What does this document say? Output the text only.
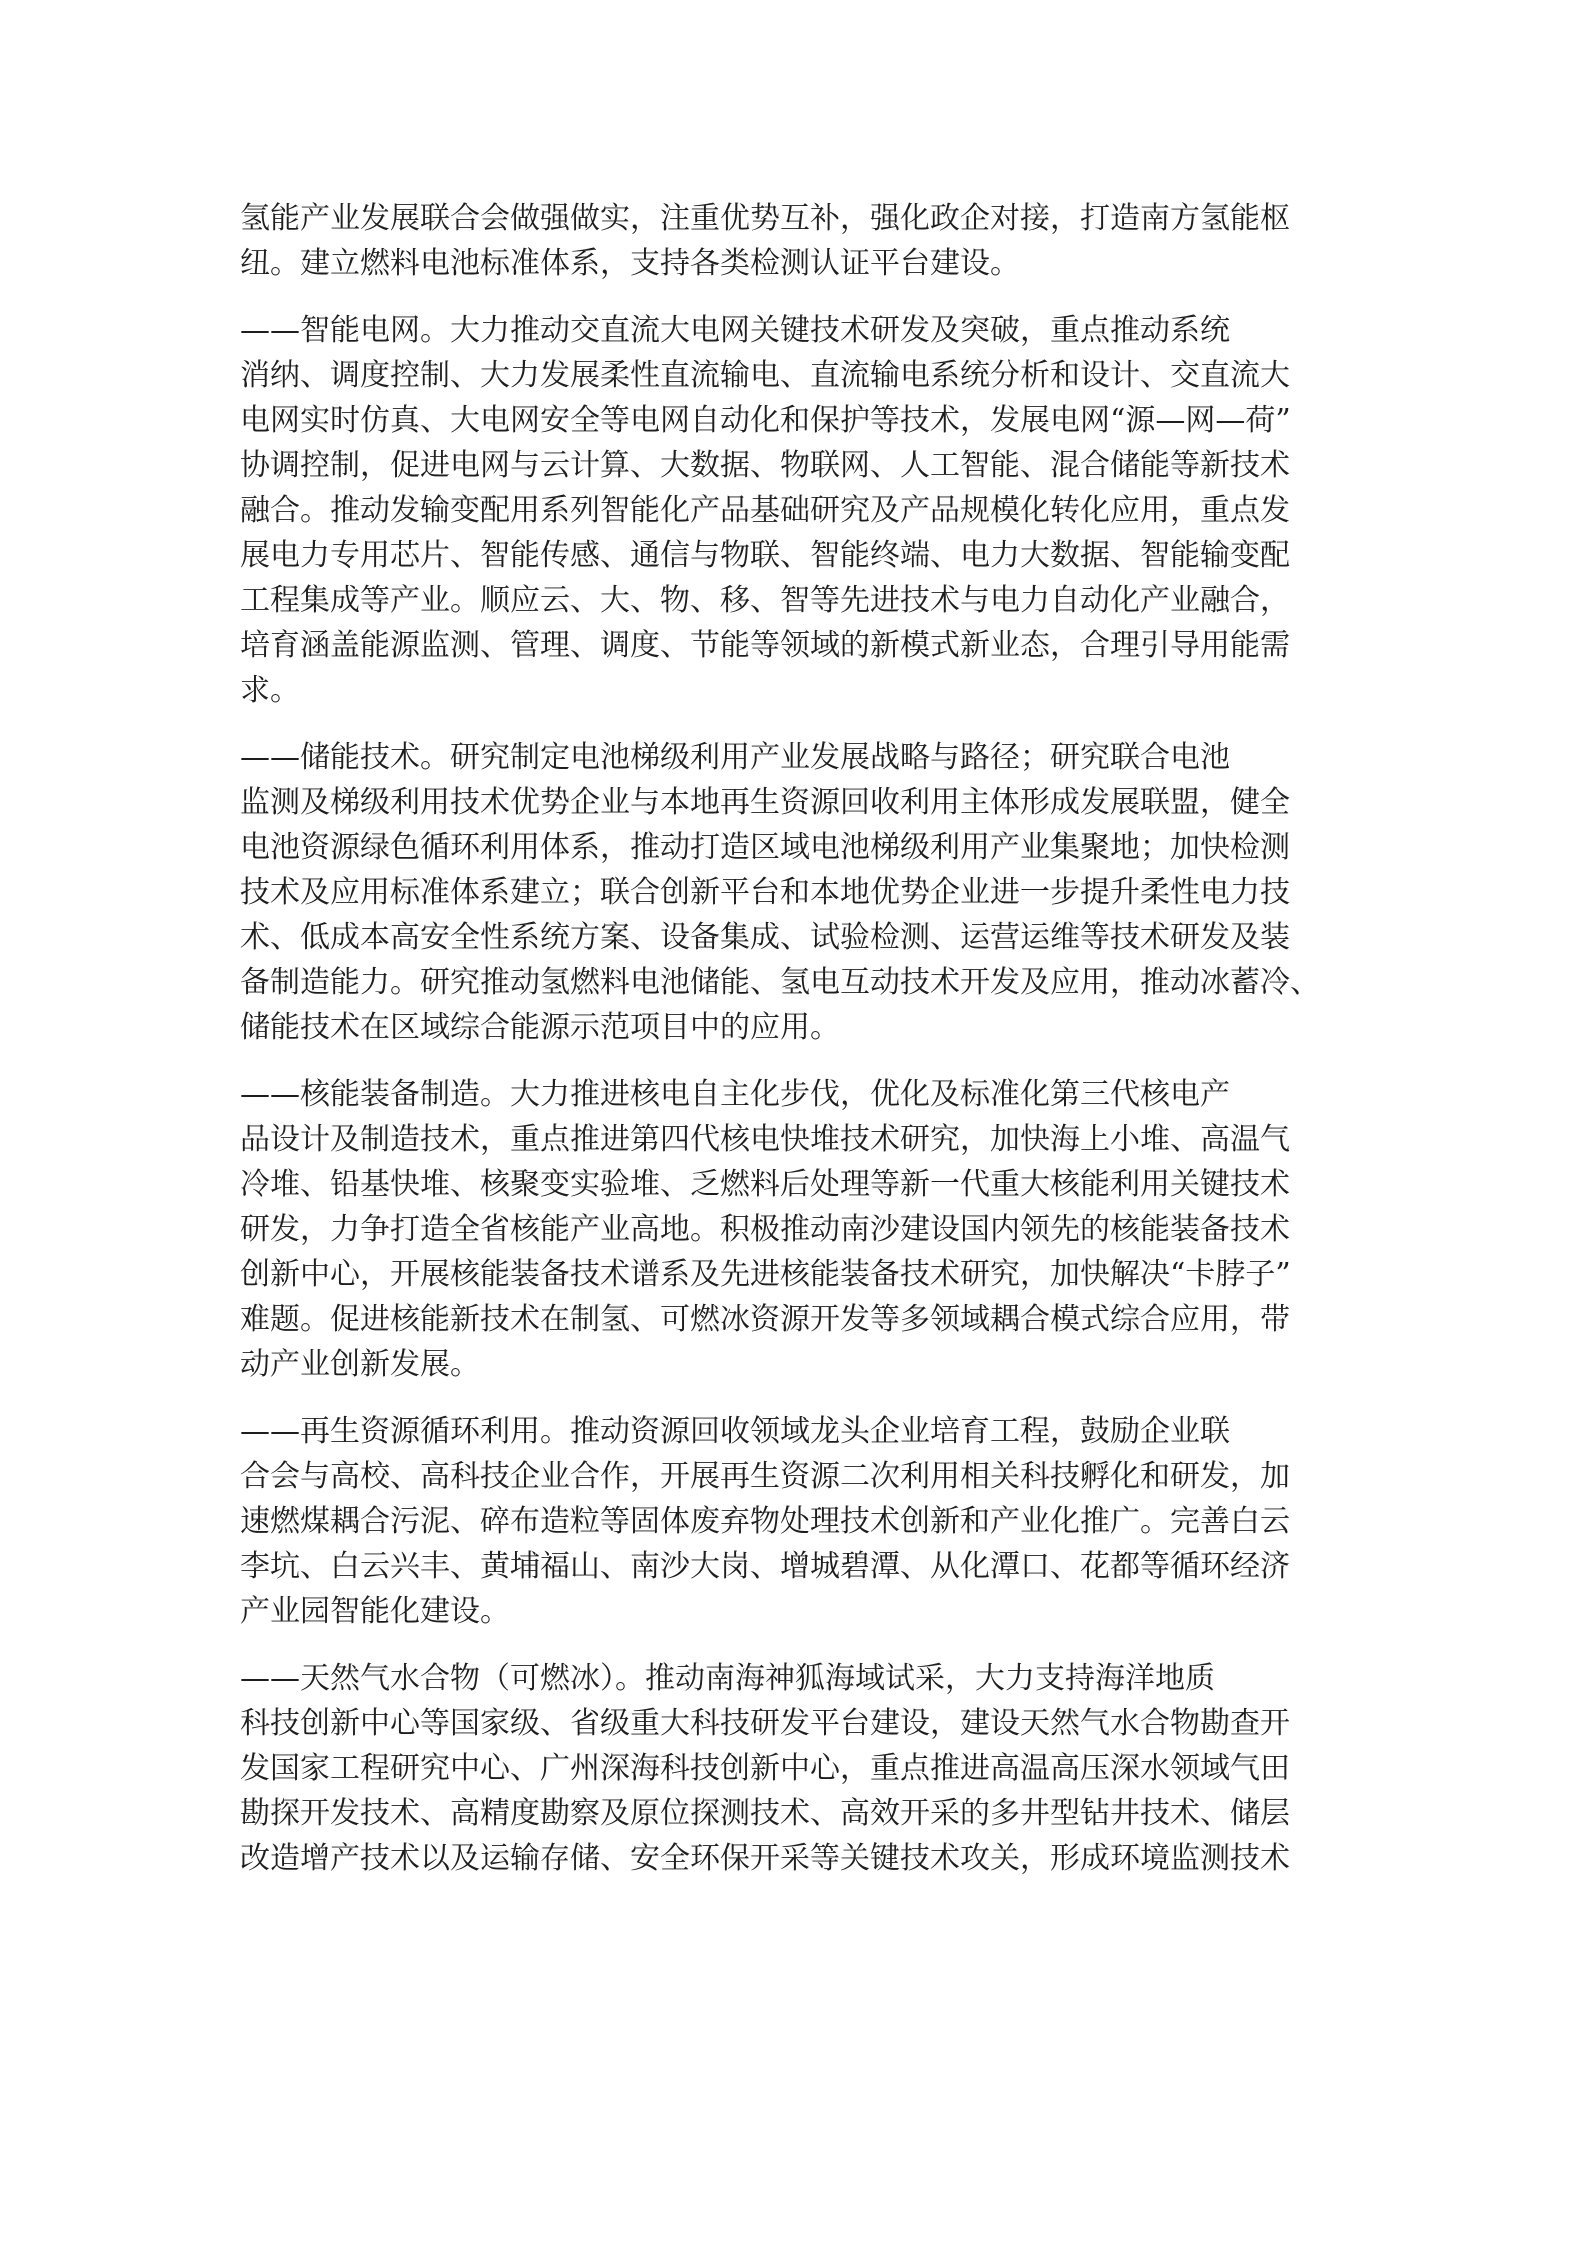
氢能产业发展联合会做强做实，注重优势互补，强化政企对接，打造南方氢能枢
纽。建立燃料电池标准体系，支持各类检测认证平台建设。

——智能电网。大力推动交直流大电网关键技术研发及突破，重点推动系统
消纳、调度控制、大力发展柔性直流输电、直流输电系统分析和设计、交直流大
电网实时仿真、大电网安全等电网自动化和保护等技术，发展电网“源—网—荷”
协调控制，促进电网与云计算、大数据、物联网、人工智能、混合储能等新技术
融合。推动发输变配用系列智能化产品基础研究及产品规模化转化应用，重点发
展电力专用芯片、智能传感、通信与物联、智能终端、电力大数据、智能输变配
工程集成等产业。顺应云、大、物、移、智等先进技术与电力自动化产业融合，
培育涵盖能源监测、管理、调度、节能等领域的新模式新业态，合理引导用能需
求。

——储能技术。研究制定电池梯级利用产业发展战略与路径；研究联合电池
监测及梯级利用技术优势企业与本地再生资源回收利用主体形成发展联盟，健全
电池资源绿色循环利用体系，推动打造区域电池梯级利用产业集聚地；加快检测
技术及应用标准体系建立；联合创新平台和本地优势企业进一步提升柔性电力技
术、低成本高安全性系统方案、设备集成、试验检测、运营运维等技术研发及装
备制造能力。研究推动氢燃料电池储能、氢电互动技术开发及应用，推动冰蓄冷、
储能技术在区域综合能源示范项目中的应用。

——核能装备制造。大力推进核电自主化步伐，优化及标准化第三代核电产
品设计及制造技术，重点推进第四代核电快堆技术研究，加快海上小堆、高温气
冷堆、铅基快堆、核聚变实验堆、乏燃料后处理等新一代重大核能利用关键技术
研发，力争打造全省核能产业高地。积极推动南沙建设国内领先的核能装备技术
创新中心，开展核能装备技术谱系及先进核能装备技术研究，加快解决“卡脖子”
难题。促进核能新技术在制氢、可燃冰资源开发等多领域耦合模式综合应用，带
动产业创新发展。

——再生资源循环利用。推动资源回收领域龙头企业培育工程，鼓励企业联
合会与高校、高科技企业合作，开展再生资源二次利用相关科技孵化和研发，加
速燃煤耦合污泥、碎布造粒等固体废弃物处理技术创新和产业化推广。完善白云
李坑、白云兴丰、黄埔福山、南沙大岗、增城碧潭、从化潭口、花都等循环经济
产业园智能化建设。

——天然气水合物（可燃冰）。推动南海神狐海域试采，大力支持海洋地质
科技创新中心等国家级、省级重大科技研发平台建设，建设天然气水合物勘查开
发国家工程研究中心、广州深海科技创新中心，重点推进高温高压深水领域气田
勘探开发技术、高精度勘察及原位探测技术、高效开采的多井型钻井技术、储层
改造增产技术以及运输存储、安全环保开采等关键技术攻关，形成环境监测技术
